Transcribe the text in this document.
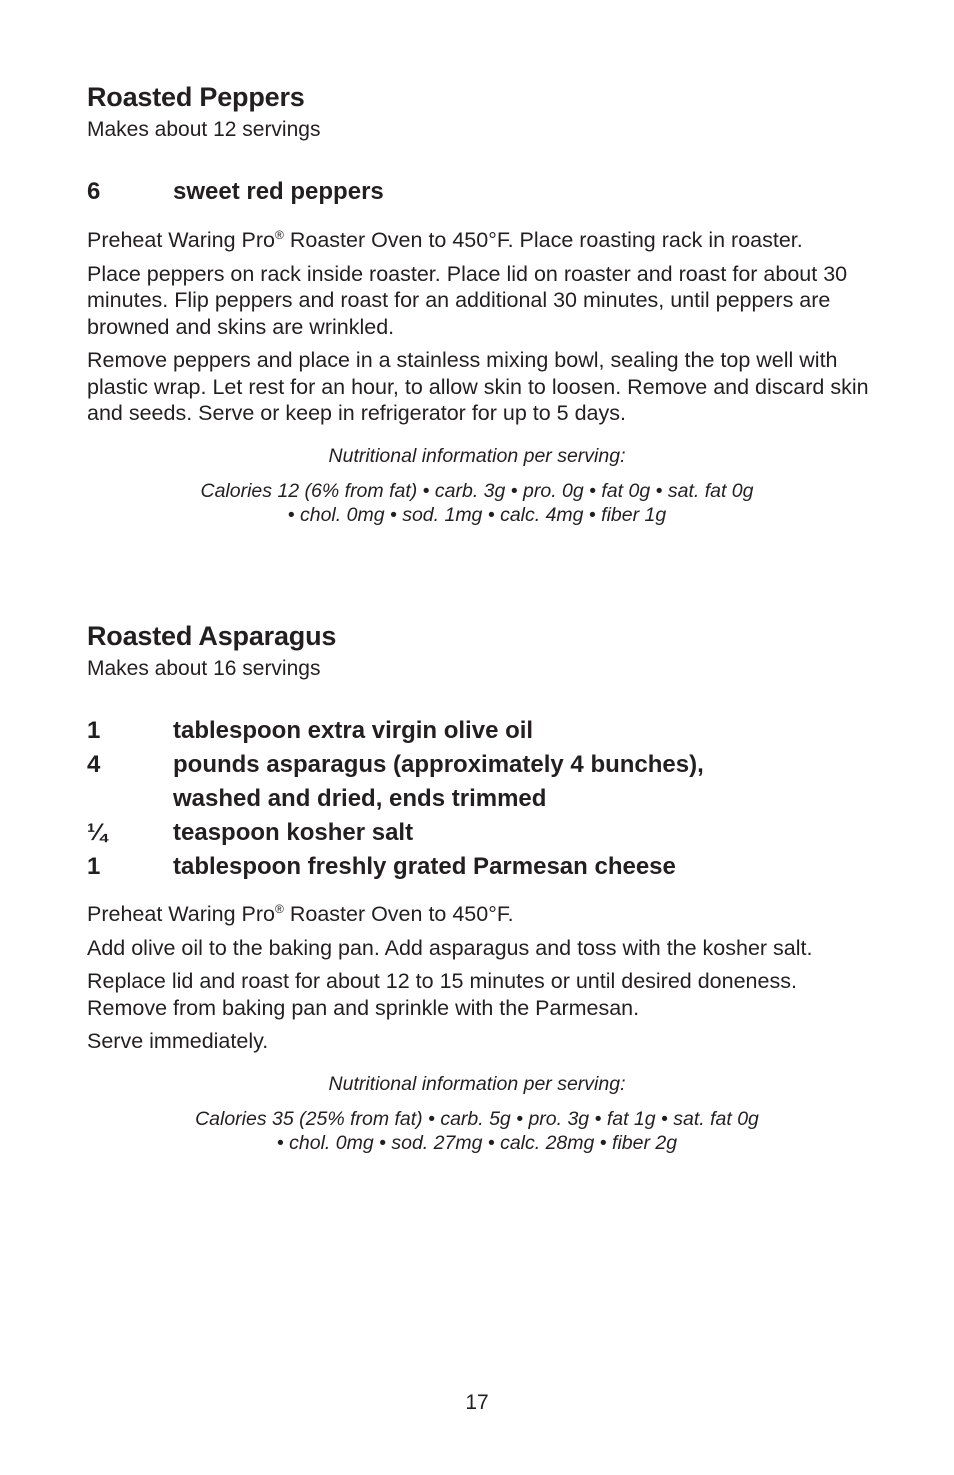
Roasted Peppers

Makes about 12 servings

6	sweet red peppers

Preheat Waring Pro® Roaster Oven to 450°F. Place roasting rack in roaster.

Place peppers on rack inside roaster. Place lid on roaster and roast for about 30 minutes. Flip peppers and roast for an additional 30 minutes, until peppers are browned and skins are wrinkled.

Remove peppers and place in a stainless mixing bowl, sealing the top well with plastic wrap. Let rest for an hour, to allow skin to loosen. Remove and discard skin and seeds. Serve or keep in refrigerator for up to 5 days.

Nutritional information per serving:

Calories 12 (6% from fat) • carb. 3g • pro. 0g • fat 0g • sat. fat 0g

• chol. 0mg • sod. 1mg • calc. 4mg • fiber 1g

Roasted Asparagus

Makes about 16 servings

1	tablespoon extra virgin olive oil
4	pounds asparagus (approximately 4 bunches), washed and dried, ends trimmed
¼	teaspoon kosher salt
1	tablespoon freshly grated Parmesan cheese

Preheat Waring Pro® Roaster Oven to 450°F.

Add olive oil to the baking pan. Add asparagus and toss with the kosher salt.

Replace lid and roast for about 12 to 15 minutes or until desired doneness. Remove from baking pan and sprinkle with the Parmesan.

Serve immediately.

Nutritional information per serving:

Calories 35 (25% from fat) • carb. 5g • pro. 3g • fat 1g • sat. fat 0g

• chol. 0mg • sod. 27mg • calc. 28mg • fiber 2g

17
